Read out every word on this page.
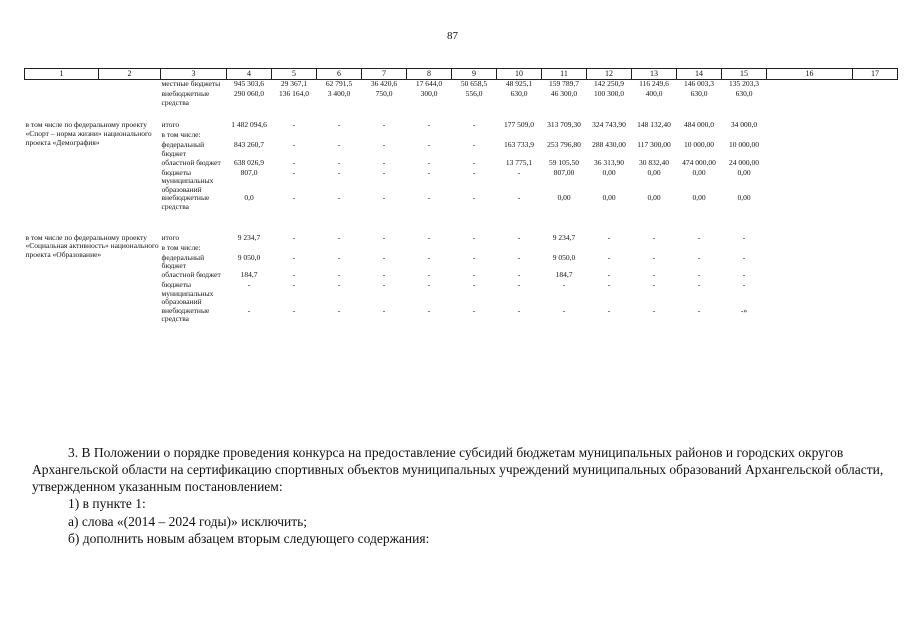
87
1	2	3	4	5	6	7	8	9	10	11	12	13	14	15	16	17
		местные бюджеты	945 303,6	29 367,1	62 791,5	36 420,6	17 644,0	50 658,5	48 925,1	159 789,7	142 250,9	116 249,6	146 003,3	135 203,3		
		внебюджетные средства	290 060,0	136 164,0	3 400,0	750,0	300,0	556,0	630,0	46 300,0	100 300,0	400,0	630,0	630,0		

в том числе по федеральному проекту «Спорт – норма жизни» национального проекта «Демография»		итого	1 482 094,6	-	-	-	-	-	177 509,0	313 709,30	324 743,90	148 132,40	484 000,0	34 000,0		
		в том числе:														
		федеральный бюджет	843 260,7	-	-	-	-	-	163 733,9	253 796,80	288 430,00	117 300,00	10 000,00	10 000,00		
		областной бюджет	638 026,9	-	-	-	-	-	13 775,1	59 105,50	36 313,90	30 832,40	474 000,00	24 000,00		
		бюджеты муниципальных образований	807,0	-	-	-	-	-	-	807,00	0,00	0,00	0,00	0,00		
		внебюджетные средства	0,0	-	-	-	-	-	-	0,00	0,00	0,00	0,00	0,00		

в том числе по федеральному проекту «Социальная активность» национального проекта «Образование»		итого	9 234,7	-	-	-	-	-	-	9 234,7	-	-	-	-		
		в том числе:														
		федеральный бюджет	9 050,0	-	-	-	-	-	-	9 050,0	-	-	-	-		
		областной бюджет	184,7	-	-	-	-	-	-	184,7	-	-	-	-		
		бюджеты муниципальных образований	-	-	-	-	-	-	-	-	-	-	-	-		
		внебюджетные средства	-	-	-	-	-	-	-	-	-	-	-	-»		
3. В Положении о порядке проведения конкурса на предоставление субсидий бюджетам муниципальных районов и городских округов Архангельской области на сертификацию спортивных объектов муниципальных учреждений муниципальных образований Архангельской области, утвержденном указанным постановлением:
1) в пункте 1:
а) слова «(2014 – 2024 годы)» исключить;
б) дополнить новым абзацем вторым следующего содержания:
